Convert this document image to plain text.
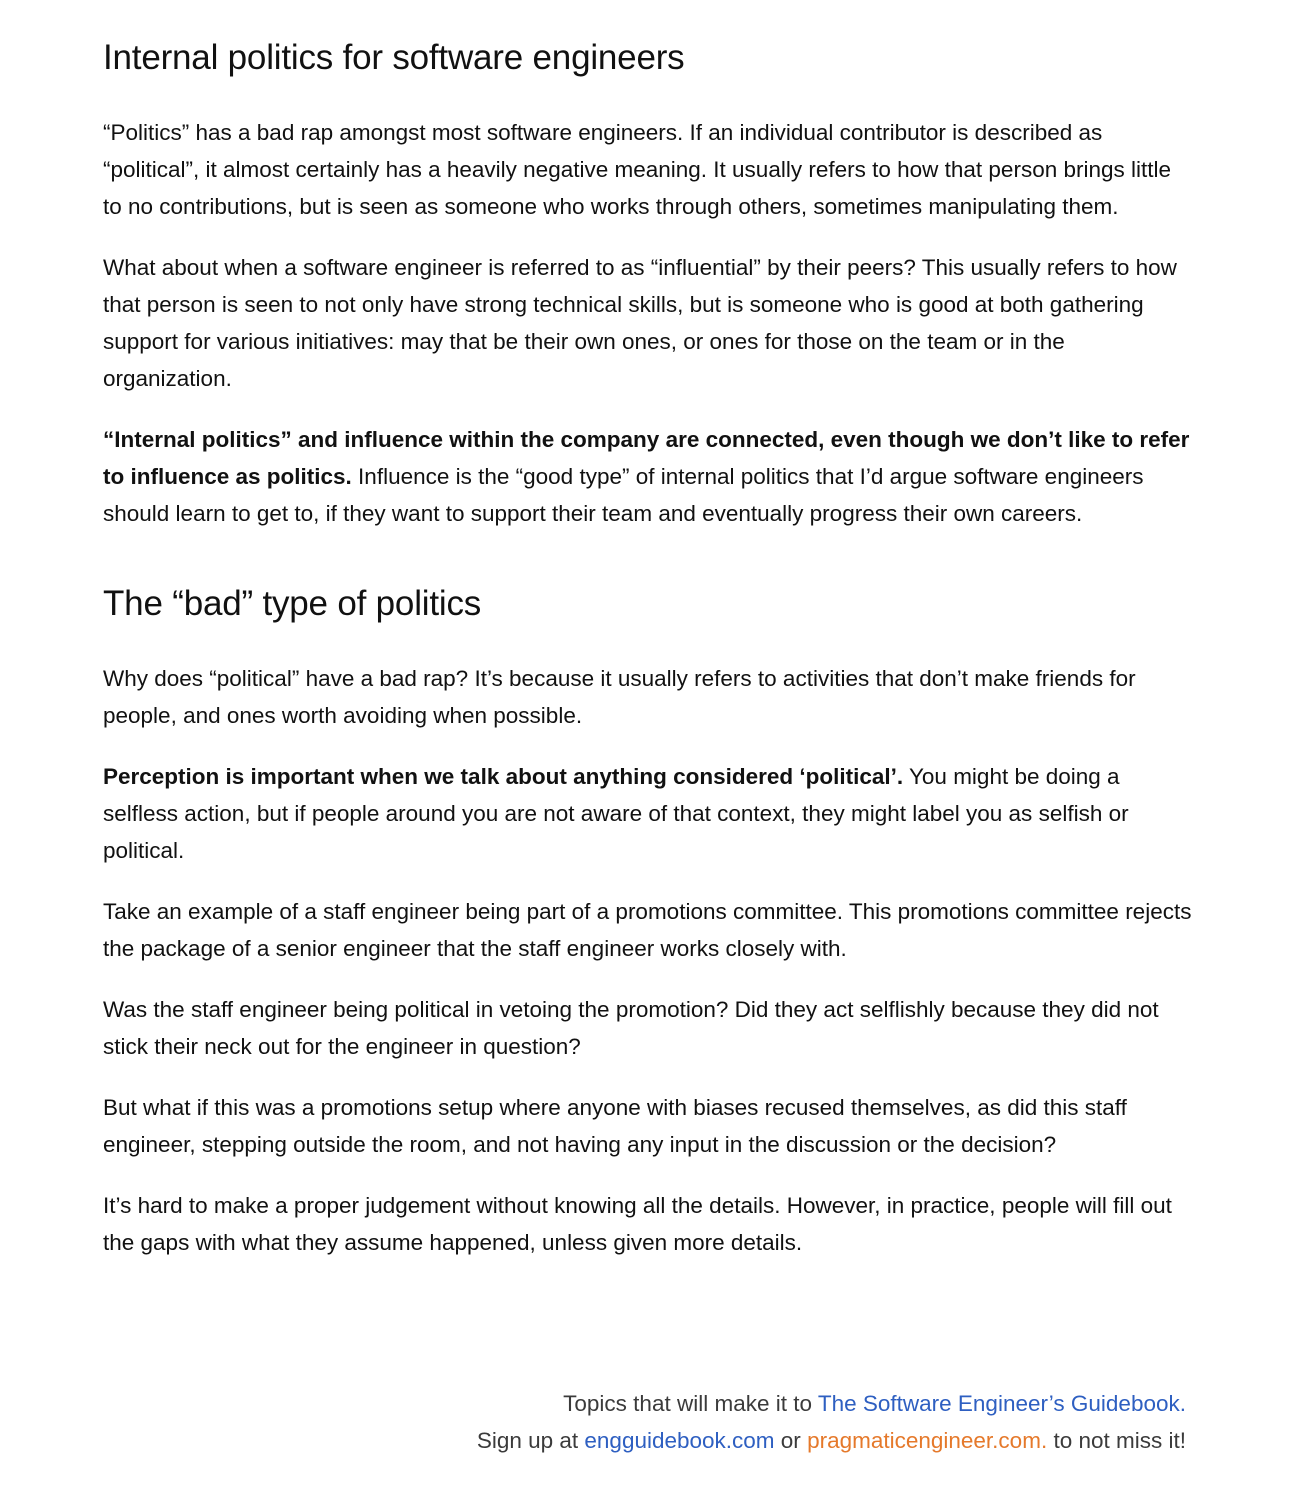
Internal politics for software engineers

“Politics” has a bad rap amongst most software engineers. If an individual contributor is described as “political”, it almost certainly has a heavily negative meaning. It usually refers to how that person brings little to no contributions, but is seen as someone who works through others, sometimes manipulating them.

What about when a software engineer is referred to as “influential” by their peers? This usually refers to how that person is seen to not only have strong technical skills, but is someone who is good at both gathering support for various initiatives: may that be their own ones, or ones for those on the team or in the organization.

“Internal politics” and influence within the company are connected, even though we don’t like to refer to influence as politics. Influence is the “good type” of internal politics that I’d argue software engineers should learn to get to, if they want to support their team and eventually progress their own careers.

The “bad” type of politics

Why does “political” have a bad rap? It’s because it usually refers to activities that don’t make friends for people, and ones worth avoiding when possible.

Perception is important when we talk about anything considered ‘political’. You might be doing a selfless action, but if people around you are not aware of that context, they might label you as selfish or political.

Take an example of a staff engineer being part of a promotions committee. This promotions committee rejects the package of a senior engineer that the staff engineer works closely with.

Was the staff engineer being political in vetoing the promotion? Did they act selflishly because they did not stick their neck out for the engineer in question?

But what if this was a promotions setup where anyone with biases recused themselves, as did this staff engineer, stepping outside the room, and not having any input in the discussion or the decision?

It’s hard to make a proper judgement without knowing all the details. However, in practice, people will fill out the gaps with what they assume happened, unless given more details.

Topics that will make it to The Software Engineer’s Guidebook.
Sign up at engguidebook.com or pragmaticengineer.com. to not miss it!
